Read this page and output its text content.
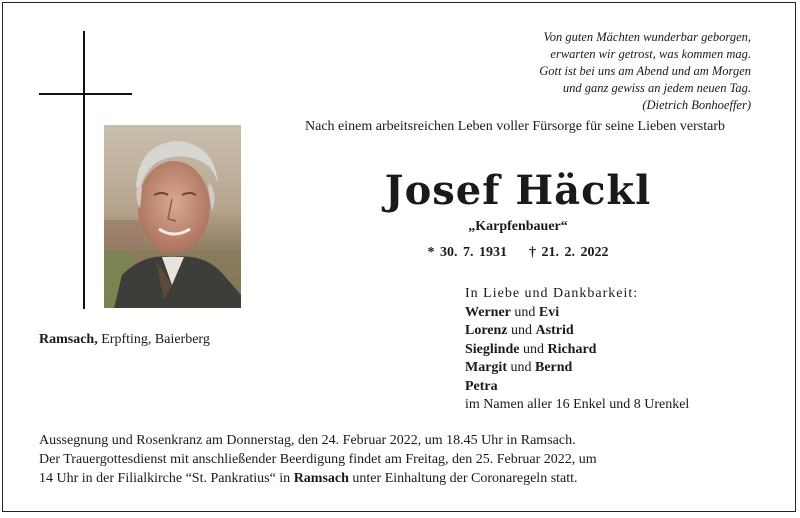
Von guten Mächten wunderbar geborgen,
erwarten wir getrost, was kommen mag.
Gott ist bei uns am Abend und am Morgen
und ganz gewiss an jedem neuen Tag.
(Dietrich Bonhoeffer)
Nach einem arbeitsreichen Leben voller Fürsorge für seine Lieben verstarb
Josef Häckl
„Karpfenbauer“
* 30. 7. 1931 † 21. 2. 2022
Ramsach, Erpfting, Baierberg
In Liebe und Dankbarkeit:
Werner und Evi
Lorenz und Astrid
Sieglinde und Richard
Margit und Bernd
Petra
im Namen aller 16 Enkel und 8 Urenkel
Aussegnung und Rosenkranz am Donnerstag, den 24. Februar 2022, um 18.45 Uhr in Ramsach.
Der Trauergottesdienst mit anschließender Beerdigung findet am Freitag, den 25. Februar 2022, um
14 Uhr in der Filialkirche “St. Pankratius“ in Ramsach unter Einhaltung der Coronaregeln statt.
